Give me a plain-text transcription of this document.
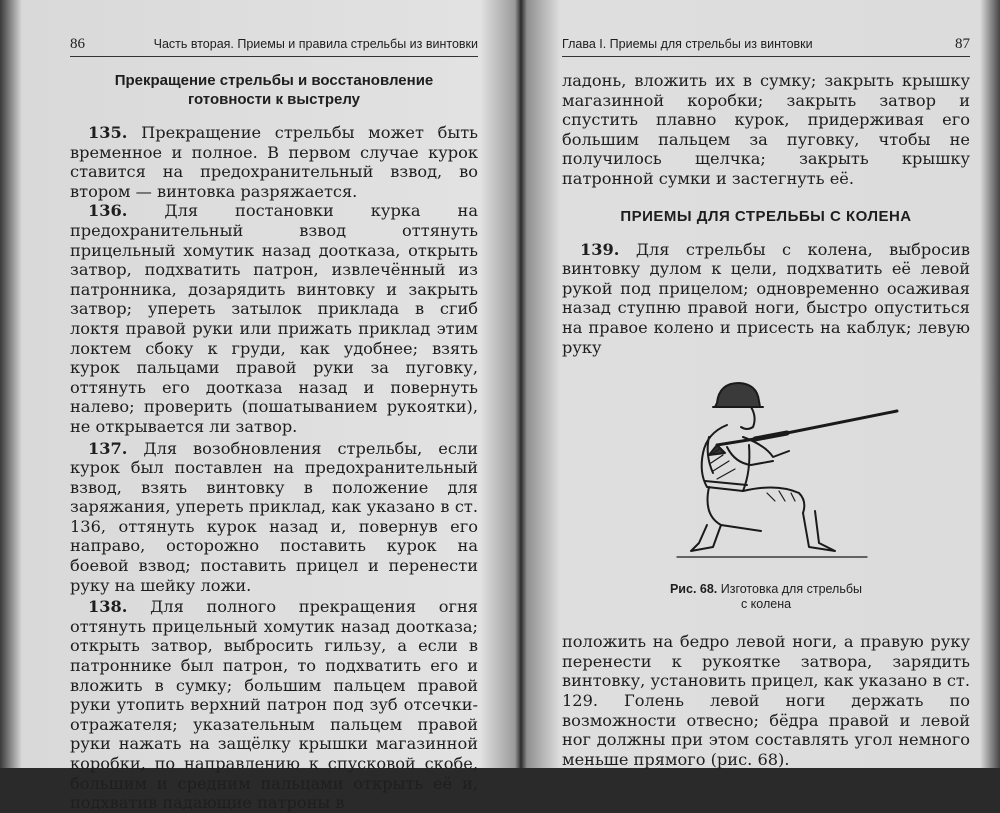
86	Часть вторая. Приемы и правила стрельбы из винтовки
Прекращение стрельбы и восстановление
готовности к выстрелу

135. Прекращение стрельбы может быть временное и полное. В первом случае курок ставится на предохранительный взвод, во втором — винтовка разряжается.

136. Для постановки курка на предохранительный взвод оттянуть прицельный хомутик назад доотказа, открыть затвор, подхватить патрон, извлечённый из патронника, дозарядить винтовку и закрыть затвор; упереть затылок приклада в сгиб локтя правой руки или прижать приклад этим локтем сбоку к груди, как удобнее; взять курок пальцами правой руки за пуговку, оттянуть его доотказа назад и повернуть налево; проверить (пошатыванием рукоятки), не открывается ли затвор.

137. Для возобновления стрельбы, если курок был поставлен на предохранительный взвод, взять винтовку в положение для заряжания, упереть приклад, как указано в ст. 136, оттянуть курок назад и, повернув его направо, осторожно поставить курок на боевой взвод; поставить прицел и перенести руку на шейку ложи.

138. Для полного прекращения огня оттянуть прицельный хомутик назад доотказа; открыть затвор, выбросить гильзу, а если в патроннике был патрон, то подхватить его и вложить в сумку; большим пальцем правой руки утопить верхний патрон под зуб отсечки-отражателя; указательным пальцем правой руки нажать на защёлку крышки магазинной коробки, по направлению к спусковой скобе, большим и средним пальцами открыть её и, подхватив падающие патроны в

Глава I. Приемы для стрельбы из винтовки	87

ладонь, вложить их в сумку; закрыть крышку магазинной коробки; закрыть затвор и спустить плавно курок, придерживая его большим пальцем за пуговку, чтобы не получилось щелчка; закрыть крышку патронной сумки и застегнуть её.

ПРИЕМЫ ДЛЯ СТРЕЛЬБЫ С КОЛЕНА

139. Для стрельбы с колена, выбросив винтовку дулом к цели, подхватить её левой рукой под прицелом; одновременно осаживая назад ступню правой ноги, быстро опуститься на правое колено и присесть на каблук; левую руку

Рис. 68. Изготовка для стрельбы
с колена

положить на бедро левой ноги, а правую руку перенести к рукоятке затвора, зарядить винтовку, установить прицел, как указано в ст. 129. Голень левой ноги держать по возможности отвесно; бёдра правой и левой ног должны при этом составлять угол немного меньше прямого (рис. 68).
